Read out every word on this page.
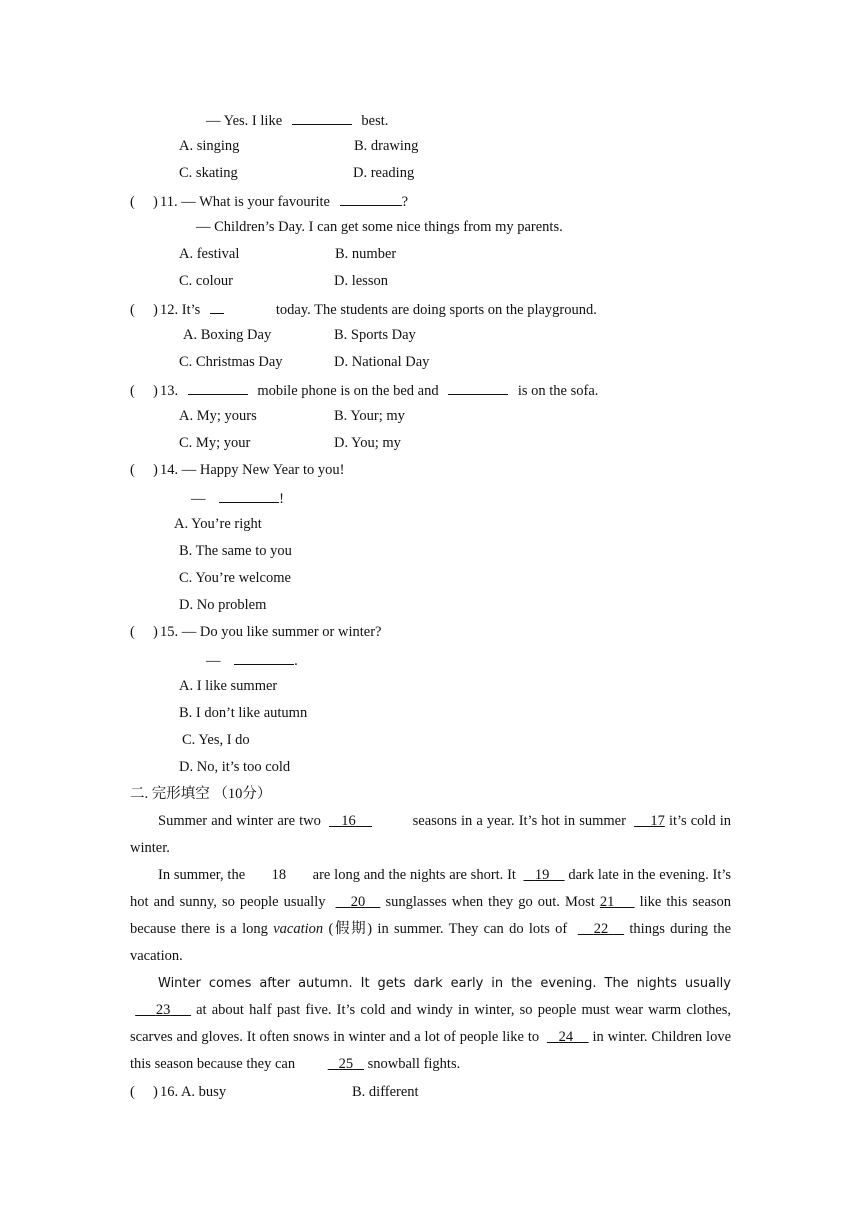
— Yes. I like	best.
A. singing	B. drawing
C. skating	D. reading
( ) 11. — What is your favourite	?
— Children’s Day. I can get some nice things from my parents.
A. festival	B. number
C. colour	D. lesson
(     ) 12. It’s	today. The students are doing sports on the playground.
A. Boxing Day	B. Sports Day
C. Christmas Day	D. National Day
(     ) 13.	mobile phone is on the bed and	is on the sofa.
A. My; yours	B. Your; my
C. My; your	D. You; my
(     ) 14. — Happy New Year to you!
—	!
A. You’re right
B. The same to you
C. You’re welcome
D. No problem
(     ) 15. — Do you like summer or winter?
—	.
A. I like summer
B. I don’t like autumn
C. Yes, I do
D. No, it’s too cold
二. 完形填空 （10分）
Summer and winter are two 16	seasons in a year. It’s hot in summer 17 it’s cold in winter.
In summer, the 18 are long and the nights are short. It 19 dark late in the evening. It’s hot and sunny, so people usually 20 sunglasses when they go out. Most 21 like this season because there is a long vacation (假期) in summer. They can do lots of 22 things during the vacation.
Winter comes after autumn. It gets dark early in the evening. The nights usually      23 at about half past five. It’s cold and windy in winter, so people must wear warm clothes, scarves and gloves. It often snows in winter and a lot of people like to 24 in winter. Children love this season because they can	25 snowball fights.
(     ) 16. A. busy	B. different
